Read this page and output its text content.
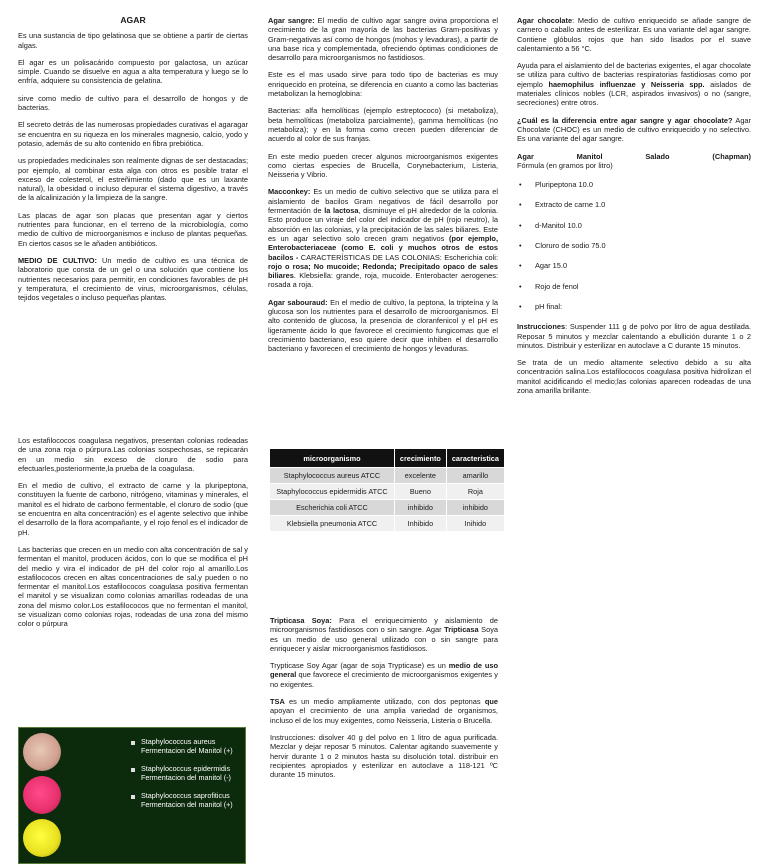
AGAR

Es una sustancia de tipo gelatinosa que se obtiene a partir de ciertas algas.

El agar es un polisacárido compuesto por galactosa, un azúcar simple. Cuando se disuelve en agua a alta temperatura y luego se lo enfría, adquiere su consistencia de gelatina.

sirve como medio de cultivo para el desarrollo de hongos y de bacterias.

El secreto detrás de las numerosas propiedades curativas el agaragar se encuentra en su riqueza en los minerales magnesio, calcio, yodo y potasio, además de su alto contenido en fibra prebiótica.

us propiedades medicinales son realmente dignas de ser destacadas; por ejemplo, al combinar esta alga con otros es posible tratar el exceso de colesterol, el estreñimiento (dado que es un laxante natural), la obesidad o incluso depurar el sistema digestivo, a través de la alcalinización y la limpieza de la sangre.

Las placas de agar son placas que presentan agar y ciertos nutrientes para funcionar, en el terreno de la microbiología, como medio de cultivo de microorganismos e incluso de plantas pequeñas. En ciertos casos se le añaden antibióticos.

MEDIO DE CULTIVO: Un medio de cultivo es una técnica de laboratorio que consta de un gel o una solución que contiene los nutrientes necesarios para permitir, en condiciones favorables de pH y temperatura, el crecimiento de virus, microorganismos, células, tejidos vegetales o incluso pequeñas plantas.

Agar sangre: El medio de cultivo agar sangre ovina proporciona el crecimiento de la gran mayoría de las bacterias Gram-positivas y Gram-negativas así como de hongos (mohos y levaduras), a partir de una base rica y complementada, ofreciendo óptimas condiciones de desarrollo para microorganismos no fastidiosos.

Este es el mas usado sirve para todo tipo de bacterias es muy enriquecido en proteina, se diferencia en cuanto a como las bacterias metabolizan la hemoglobina:

Bacterias: alfa hemolíticas (ejemplo estreptococo) (si metaboliza), beta hemolíticas (metaboliza parcialmente), gamma hemolíticas (no metaboliza); y en la forma como crecen pueden diferenciar de acuerdo al color de sus franjas.

En este medio pueden crecer algunos microorganismos exigentes como ciertas especies de Brucella, Corynebacterium, Listeria, Neisseria y Vibrio.

Macconkey: Es un medio de cultivo selectivo que se utiliza para el aislamiento de bacilos Gram negativos de fácil desarrollo por fermentación de la lactosa, disminuye el pH alrededor de la colonia. Esto produce un viraje del color del indicador de pH (rojo neutro), la absorción en las colonias, y la precipitación de las sales biliares. Este es un agar selectivo solo crecen gram negativos (por ejemplo, Enterobacteriaceae (como E. coli y muchos otros de estos bacilos - CARACTERÍSTICAS DE LAS COLONIAS: Escherichia coli: rojo o rosa; No mucoide; Redonda; Precipitado opaco de sales biliares. Klebsiella: grande, roja, mucoide. Enterobacter aerogenes: rosada a roja.

Agar sabouraud: En el medio de cultivo, la peptona, la tripteína y la glucosa son los nutrientes para el desarrollo de microorganismos. El alto contenido de glucosa, la presencia de cloranfenicol y el pH es ligeramente ácido lo que favorece el crecimiento fungicomas que el crecimiento bacteriano, eso quiere decir que inhiben el desarrollo bacteriano y favorecen el crecimiento de hongos y levaduras.

Agar chocolate: Medio de cultivo enriquecido se añade sangre de carnero o caballo antes de esterilizar. Es una variante del agar sangre. Contiene glóbulos rojos que han sido lisados por el suave calentamiento a 56 °C.

Ayuda para el aislamiento del de bacterias exigentes, el agar chocolate se utiliza para cultivo de bacterias respiratorias fastidiosas como por ejemplo haemophilus influenzae y Neisseria spp. aislados de materiales clínicos nobles (LCR, aspirados invasivos) o no (sangre, secreciones) entre otros.

¿Cuál es la diferencia entre agar sangre y agar chocolate? Agar Chocolate (CHOC) es un medio de cultivo enriquecido y no selectivo. Es una variante del agar sangre.

Agar	Manitol	Salado	(Chapman)
Fórmula (en gramos por litro)
• Pluripeptona 10.0
• Extracto de carne 1.0
• d-Manitol 10.0
• Cloruro de sodio 75.0
• Agar 15.0
• Rojo de fenol
• pH final:

Instrucciones: Suspender 111 g de polvo por litro de agua destilada. Reposar 5 minutos y mezclar calentando a ebullición durante 1 o 2 minutos. Distribuir y esterilizar en autoclave a C durante 15 minutos.

Se trata de un medio altamente selectivo debido a su alta concentración salina.Los estafilococos coagulasa positiva hidrolizan el manitol acidificando el medio;las colonias aparecen rodeadas de una zona amarilla brillante.

Los estafilococos coagulasa negativos, presentan colonias rodeadas de una zona roja o púrpura.Las colonias sospechosas, se repicarán en un medio sin exceso de cloruro de sodio para efectuarles,posteriormente,la prueba de la coagulasa.

En el medio de cultivo, el extracto de carne y la pluripeptona, constituyen la fuente de carbono, nitrógeno, vitaminas y minerales, el manitol es el hidrato de carbono fermentable, el cloruro de sodio (que se encuentra en alta concentración) es el agente selectivo que inhibe el desarrollo de la flora acompañante, y el rojo fenol es el indicador de pH.

Las bacterias que crecen en un medio con alta concentración de sal y fermentan el manitol, producen ácidos, con lo que se modifica el pH del medio y vira el indicador de pH del color rojo al amarillo.Los estafilococos crecen en altas concentraciones de sal,y pueden o no fermentar el manitol.Los estafilococos coagulasa positiva fermentan el manitol y se visualizan como colonias amarillas rodeadas de una zona del mismo color.Los estafilococos que no fermentan el manitol, se visualizan como colonias rojas, rodeadas de una zona del mismo color o púrpura

microorganismo	crecimiento	caracteristica
Staphylococcus aureus ATCC	excelente	amarillo
Staphylococcus epidermidis ATCC	Bueno	Roja
Escherichia coli ATCC	inhibido	inhibido
Klebsiella pneumonia ATCC	Inhibido	Inihido

Tripticasa Soya: Para el enriquecimiento y aislamiento de microorganismos fastidiosos con o sin sangre. Agar Tripticasa Soya es un medio de uso general utilizado con o sin sangre para enriquecer y aislar microorganismos fastidiosos.

Trypticase Soy Agar (agar de soja Trypticase) es un medio de uso general que favorece el crecimiento de microorganismos exigentes y no exigentes.

TSA es un medio ampliamente utilizado, con dos peptonas que apoyan el crecimiento de una amplia variedad de organismos, incluso el de los muy exigentes, como Neisseria, Listeria o Brucella.

Instrucciones: disolver 40 g del polvo en 1 litro de agua purificada. Mezclar y dejar reposar 5 minutos. Calentar agitando suavemente y hervir durante 1 o 2 minutos hasta su disolución total. distribuir en recipientes apropiados y esterilizar en autoclave a 118-121 ºC durante 15 minutos.

Staphylococcus aureus Fermentacion del Manitol (+)
Staphylococcus epidermidis Fermentacion del manitol (-)
Staphylococcus saprofiticus Fermentacion del manitol (+)
